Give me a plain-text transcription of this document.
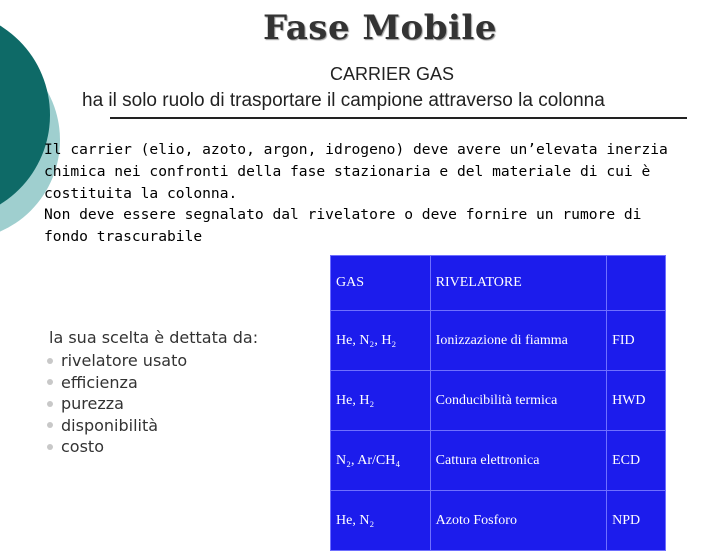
Fase Mobile
CARRIER GAS
ha il solo ruolo di trasportare il campione attraverso la colonna

Il carrier (elio, azoto, argon, idrogeno) deve avere un’elevata inerzia chimica nei confronti della fase stazionaria e del materiale di cui è costituita la colonna.

Non deve essere segnalato dal rivelatore o deve fornire un rumore di fondo trascurabile

la sua scelta è dettata da:
rivelatore usato
efficienza
purezza
disponibilità
costo
GAS	RIVELATORE	
He, N₂, H₂	Ionizzazione di fiamma	FID
He, H₂	Conducibilità termica	HWD
N₂, Ar/CH₄	Cattura elettronica	ECD
He, N₂	Azoto Fosforo	NPD
